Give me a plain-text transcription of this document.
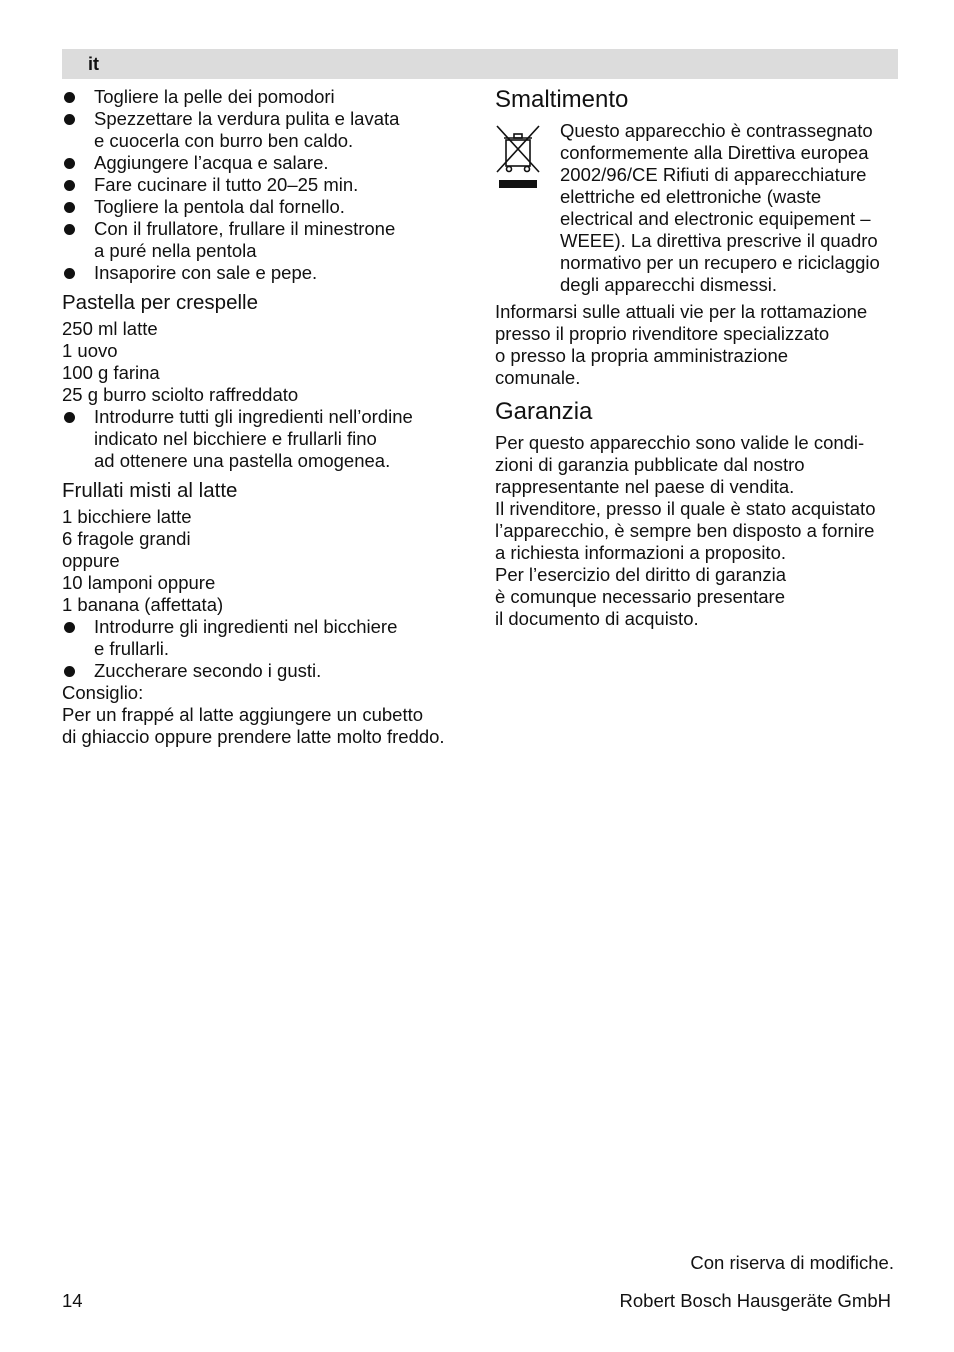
it
Togliere la pelle dei pomodori
Spezzettare la verdura pulita e lavata
e cuocerla con burro ben caldo.
Aggiungere l’acqua e salare.
Fare cucinare il tutto 20–25 min.
Togliere la pentola dal fornello.
Con il frullatore, frullare il minestrone
a puré nella pentola
Insaporire con sale e pepe.
Pastella per crespelle
250 ml latte
1 uovo
100 g farina
25 g burro sciolto raffreddato
Introdurre tutti gli ingredienti nell’ordine
indicato nel bicchiere e frullarli fino
ad ottenere una pastella omogenea.
Frullati misti al latte
1 bicchiere latte
6 fragole grandi
oppure
10 lamponi oppure
1 banana (affettata)
Introdurre gli ingredienti nel bicchiere
e frullarli.
Zuccherare secondo i gusti.
Consiglio:
Per un frappé al latte aggiungere un cubetto
di ghiaccio oppure prendere latte molto freddo.
Smaltimento
Questo apparecchio è contrassegnato
conformemente alla Direttiva europea
2002/96/CE Rifiuti di apparecchiature
elettriche ed elettroniche (waste
electrical and electronic equipement –
WEEE). La direttiva prescrive il quadro
normativo per un recupero e riciclaggio
degli apparecchi dismessi.
Informarsi sulle attuali vie per la rottamazione
presso il proprio rivenditore specializzato
o presso la propria amministrazione
comunale.
Garanzia
Per questo apparecchio sono valide le condi-
zioni di garanzia pubblicate dal nostro
rappresentante nel paese di vendita.
Il rivenditore, presso il quale è stato acquistato
l’apparecchio, è sempre ben disposto a fornire
a richiesta informazioni a proposito.
Per l’esercizio del diritto di garanzia
è comunque necessario presentare
il documento di acquisto.
Con riserva di modifiche.
14	Robert Bosch Hausgeräte GmbH
